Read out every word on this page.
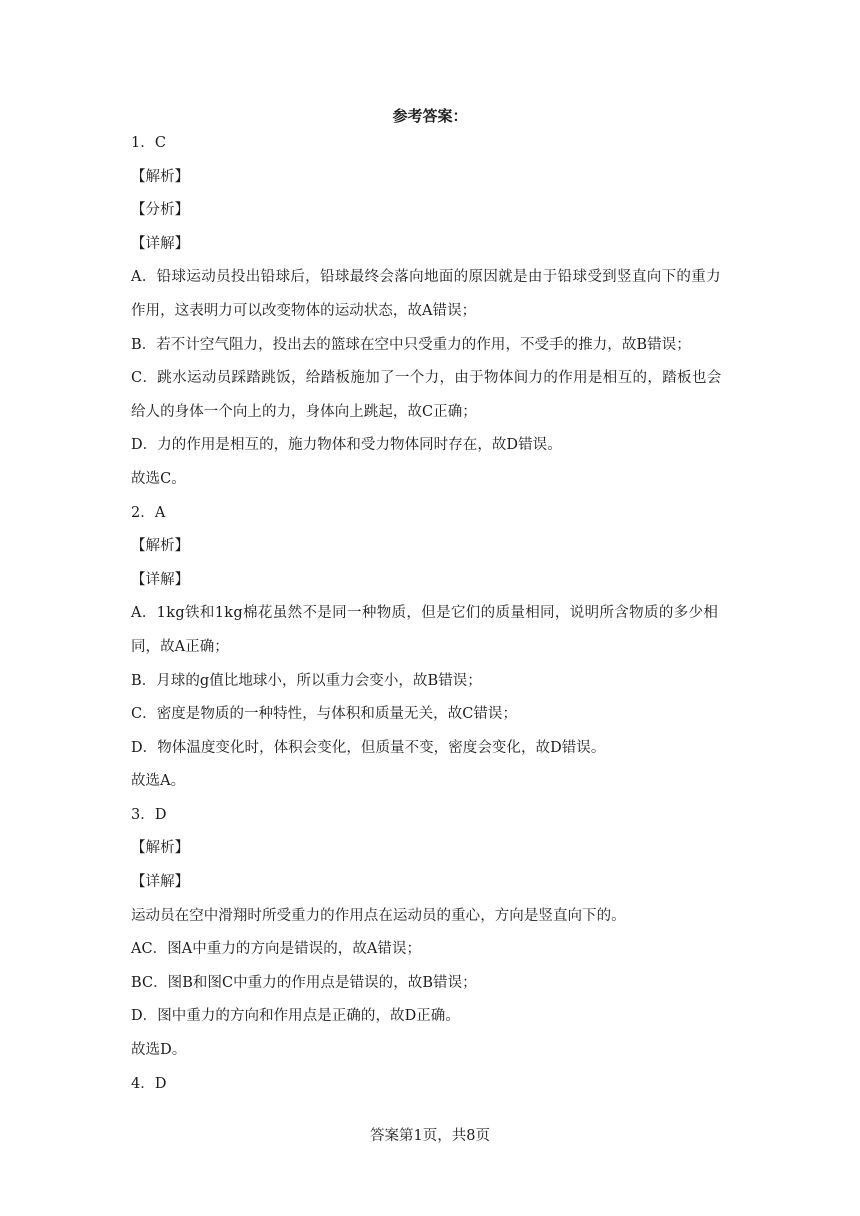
参考答案：
1．C
【解析】
【分析】
【详解】
A．铅球运动员投出铅球后，铅球最终会落向地面的原因就是由于铅球受到竖直向下的重力
作用，这表明力可以改变物体的运动状态，故A错误；
B．若不计空气阻力，投出去的篮球在空中只受重力的作用，不受手的推力，故B错误；
C．跳水运动员踩踏跳饭，给踏板施加了一个力，由于物体间力的作用是相互的，踏板也会
给人的身体一个向上的力，身体向上跳起，故C正确；
D．力的作用是相互的，施力物体和受力物体同时存在，故D错误。
故选C。
2．A
【解析】
【详解】
A．1kg铁和1kg棉花虽然不是同一种物质，但是它们的质量相同，说明所含物质的多少相
同，故A正确；
B．月球的g值比地球小，所以重力会变小，故B错误；
C．密度是物质的一种特性，与体积和质量无关，故C错误；
D．物体温度变化时，体积会变化，但质量不变，密度会变化，故D错误。
故选A。
3．D
【解析】
【详解】
运动员在空中滑翔时所受重力的作用点在运动员的重心，方向是竖直向下的。
AC．图A中重力的方向是错误的，故A错误；
BC．图B和图C中重力的作用点是错误的，故B错误；
D．图中重力的方向和作用点是正确的，故D正确。
故选D。
4．D
答案第1页，共8页
